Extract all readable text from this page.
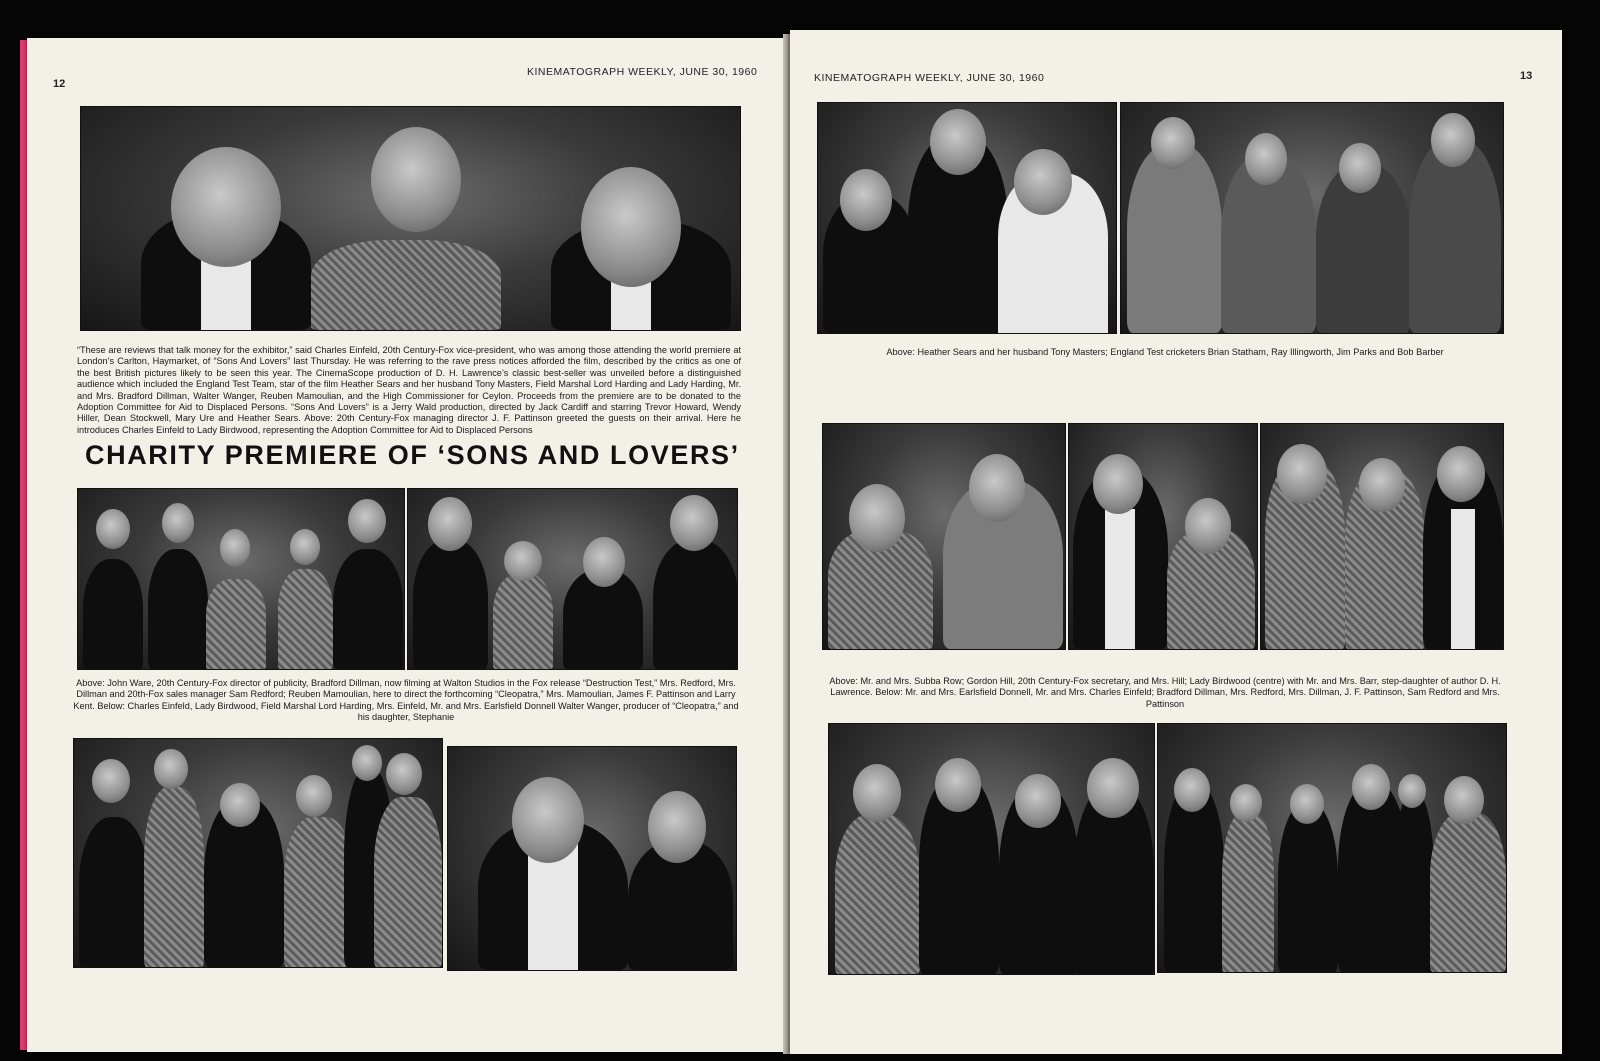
12
KINEMATOGRAPH WEEKLY, JUNE 30, 1960
“These are reviews that talk money for the exhibitor,” said Charles Einfeld, 20th Century-Fox vice-president, who was among those attending the world premiere at London’s Carlton, Haymarket, of “Sons And Lovers” last Thursday. He was referring to the rave press notices afforded the film, described by the critics as one of the best British pictures likely to be seen this year. The CinemaScope production of D. H. Lawrence’s classic best-seller was unveiled before a distinguished audience which included the England Test Team, star of the film Heather Sears and her husband Tony Masters, Field Marshal Lord Harding and Lady Harding, Mr. and Mrs. Bradford Dillman, Walter Wanger, Reuben Mamoulian, and the High Commissioner for Ceylon. Proceeds from the premiere are to be donated to the Adoption Committee for Aid to Displaced Persons. “Sons And Lovers” is a Jerry Wald production, directed by Jack Cardiff and starring Trevor Howard, Wendy Hiller, Dean Stockwell, Mary Ure and Heather Sears. Above: 20th Century-Fox managing director J. F. Pattinson greeted the guests on their arrival. Here he introduces Charles Einfeld to Lady Birdwood, representing the Adoption Committee for Aid to Displaced Persons
CHARITY PREMIERE OF ‘SONS AND LOVERS’
Above: John Ware, 20th Century-Fox director of publicity, Bradford Dillman, now filming at Walton Studios in the Fox release “Destruction Test,” Mrs. Redford, Mrs. Dillman and 20th-Fox sales manager Sam Redford; Reuben Mamoulian, here to direct the forthcoming “Cleopatra,” Mrs. Mamoulian, James F. Pattinson and Larry Kent. Below: Charles Einfeld, Lady Birdwood, Field Marshal Lord Harding, Mrs. Einfeld, Mr. and Mrs. Earlsfield Donnell Walter Wanger, producer of “Cleopatra,” and his daughter, Stephanie
KINEMATOGRAPH WEEKLY, JUNE 30, 1960	13
Above: Heather Sears and her husband Tony Masters; England Test cricketers Brian Statham, Ray Illingworth, Jim Parks and Bob Barber
Above: Mr. and Mrs. Subba Row; Gordon Hill, 20th Century-Fox secretary, and Mrs. Hill; Lady Birdwood (centre) with Mr. and Mrs. Barr, step-daughter of author D. H. Lawrence. Below: Mr. and Mrs. Earlsfield Donnell, Mr. and Mrs. Charles Einfeld; Bradford Dillman, Mrs. Redford, Mrs. Dillman, J. F. Pattinson, Sam Redford and Mrs. Pattinson
